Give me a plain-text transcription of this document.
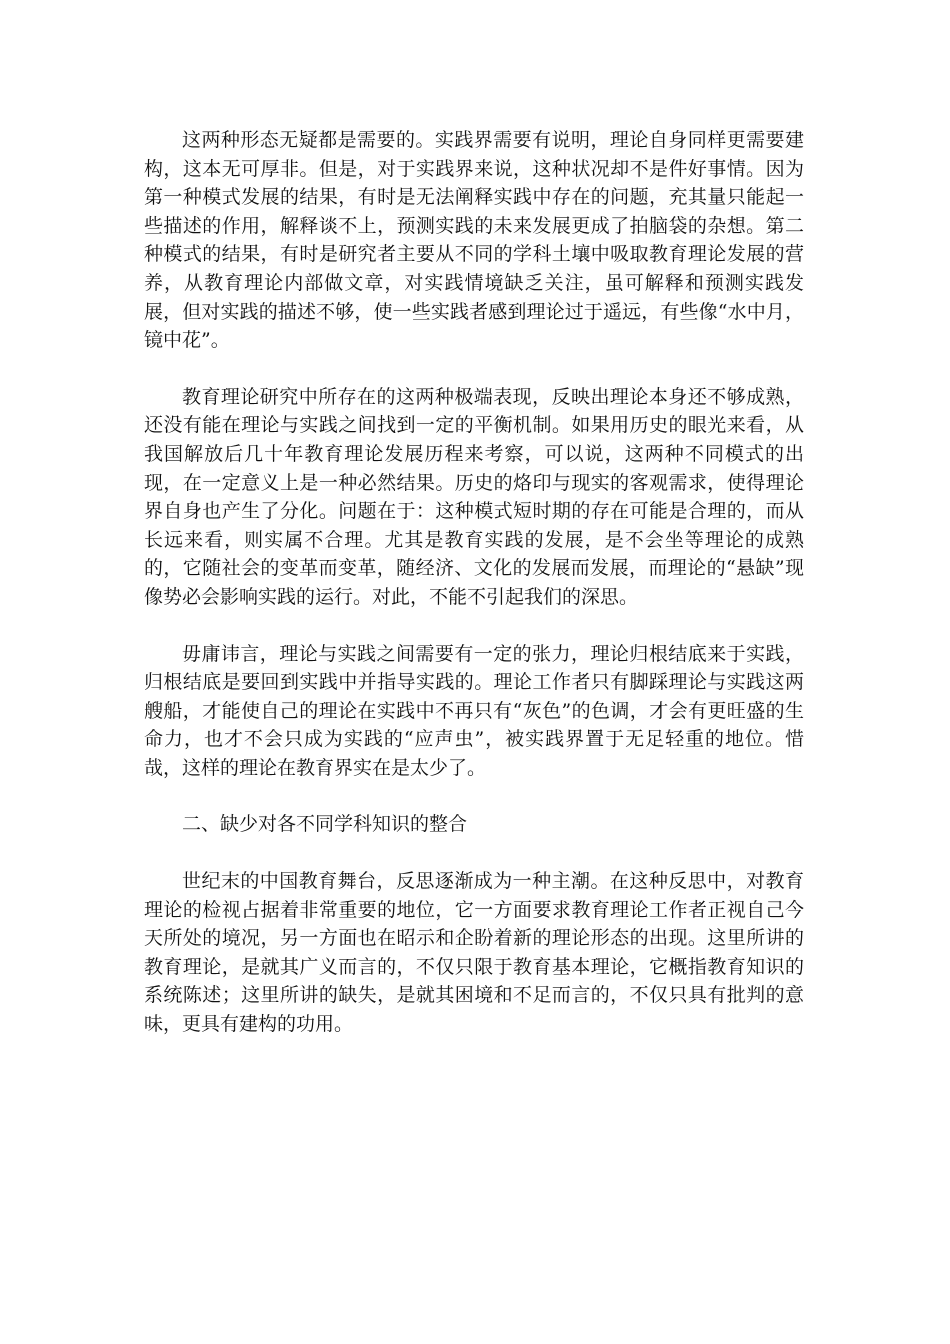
这两种形态无疑都是需要的。实践界需要有说明，理论自身同样更需要建构，这本无可厚非。但是，对于实践界来说，这种状况却不是件好事情。因为第一种模式发展的结果，有时是无法阐释实践中存在的问题，充其量只能起一些描述的作用，解释谈不上，预测实践的未来发展更成了拍脑袋的杂想。第二种模式的结果，有时是研究者主要从不同的学科土壤中吸取教育理论发展的营养，从教育理论内部做文章，对实践情境缺乏关注，虽可解释和预测实践发展，但对实践的描述不够，使一些实践者感到理论过于遥远，有些像“水中月，镜中花”。

教育理论研究中所存在的这两种极端表现，反映出理论本身还不够成熟，还没有能在理论与实践之间找到一定的平衡机制。如果用历史的眼光来看，从我国解放后几十年教育理论发展历程来考察，可以说，这两种不同模式的出现，在一定意义上是一种必然结果。历史的烙印与现实的客观需求，使得理论界自身也产生了分化。问题在于：这种模式短时期的存在可能是合理的，而从长远来看，则实属不合理。尤其是教育实践的发展，是不会坐等理论的成熟的，它随社会的变革而变革，随经济、文化的发展而发展，而理论的“悬缺”现像势必会影响实践的运行。对此，不能不引起我们的深思。

毋庸讳言，理论与实践之间需要有一定的张力，理论归根结底来于实践，归根结底是要回到实践中并指导实践的。理论工作者只有脚踩理论与实践这两艘船，才能使自己的理论在实践中不再只有“灰色”的色调，才会有更旺盛的生命力，也才不会只成为实践的“应声虫”，被实践界置于无足轻重的地位。惜哉，这样的理论在教育界实在是太少了。

二、缺少对各不同学科知识的整合

世纪末的中国教育舞台，反思逐渐成为一种主潮。在这种反思中，对教育理论的检视占据着非常重要的地位，它一方面要求教育理论工作者正视自己今天所处的境况，另一方面也在昭示和企盼着新的理论形态的出现。这里所讲的教育理论，是就其广义而言的，不仅只限于教育基本理论，它概指教育知识的系统陈述；这里所讲的缺失，是就其困境和不足而言的，不仅只具有批判的意味，更具有建构的功用。
